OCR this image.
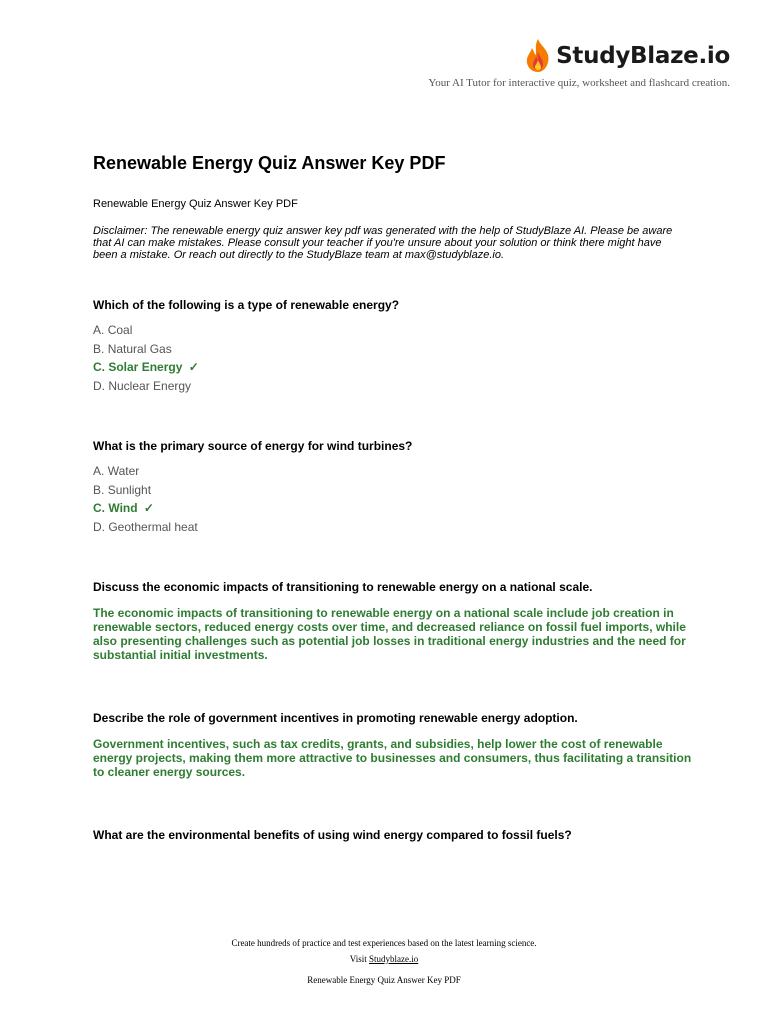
StudyBlaze.io
Your AI Tutor for interactive quiz, worksheet and flashcard creation.
Renewable Energy Quiz Answer Key PDF
Renewable Energy Quiz Answer Key PDF
Disclaimer: The renewable energy quiz answer key pdf was generated with the help of StudyBlaze AI. Please be aware that AI can make mistakes. Please consult your teacher if you're unsure about your solution or think there might have been a mistake. Or reach out directly to the StudyBlaze team at max@studyblaze.io.
Which of the following is a type of renewable energy?
A. Coal
B. Natural Gas
C. Solar Energy ✓
D. Nuclear Energy
What is the primary source of energy for wind turbines?
A. Water
B. Sunlight
C. Wind ✓
D. Geothermal heat
Discuss the economic impacts of transitioning to renewable energy on a national scale.
The economic impacts of transitioning to renewable energy on a national scale include job creation in renewable sectors, reduced energy costs over time, and decreased reliance on fossil fuel imports, while also presenting challenges such as potential job losses in traditional energy industries and the need for substantial initial investments.
Describe the role of government incentives in promoting renewable energy adoption.
Government incentives, such as tax credits, grants, and subsidies, help lower the cost of renewable energy projects, making them more attractive to businesses and consumers, thus facilitating a transition to cleaner energy sources.
What are the environmental benefits of using wind energy compared to fossil fuels?
Create hundreds of practice and test experiences based on the latest learning science.
Visit Studyblaze.io
Renewable Energy Quiz Answer Key PDF
